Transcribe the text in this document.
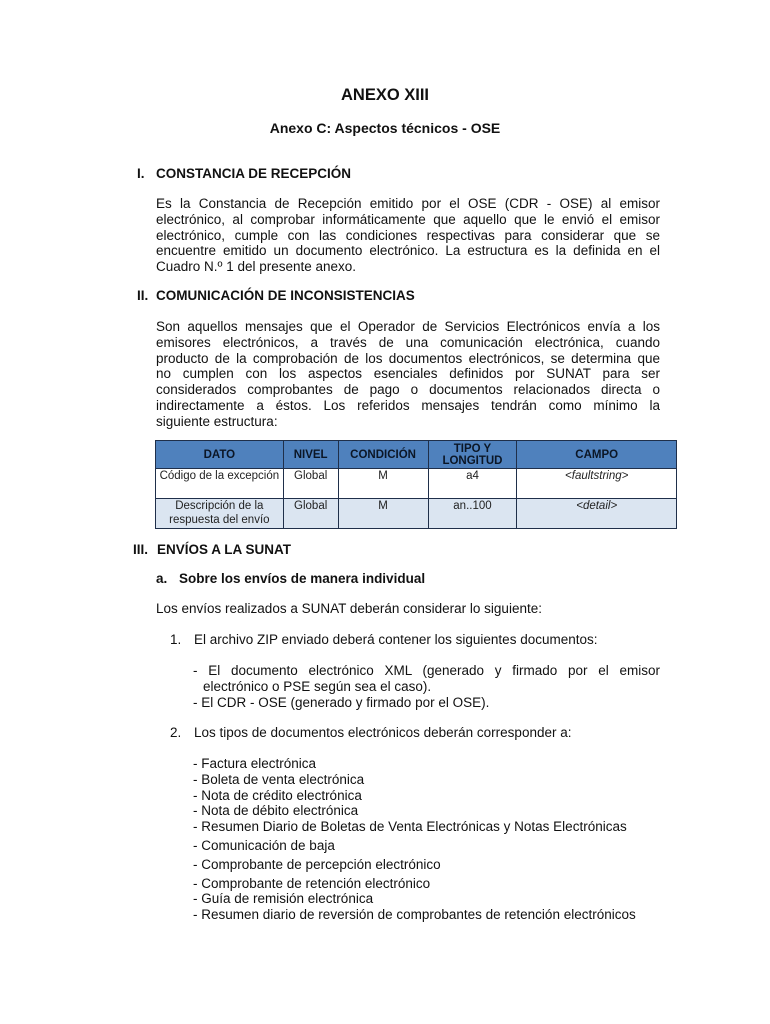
ANEXO XIII
Anexo C: Aspectos técnicos - OSE
I. CONSTANCIA DE RECEPCIÓN
Es la Constancia de Recepción emitido por el OSE (CDR - OSE) al emisor
electrónico, al comprobar informáticamente que aquello que le envió el emisor
electrónico, cumple con las condiciones respectivas para considerar que se
encuentre emitido un documento electrónico. La estructura es la definida en el
Cuadro N.º 1 del presente anexo.
II. COMUNICACIÓN DE INCONSISTENCIAS
Son aquellos mensajes que el Operador de Servicios Electrónicos envía a los
emisores electrónicos, a través de una comunicación electrónica, cuando
producto de la comprobación de los documentos electrónicos, se determina que
no cumplen con los aspectos esenciales definidos por SUNAT para ser
considerados comprobantes de pago o documentos relacionados directa o
indirectamente a éstos. Los referidos mensajes tendrán como mínimo la
siguiente estructura:
DATO	NIVEL	CONDICIÓN	TIPO Y LONGITUD	CAMPO
Código de la excepción	Global	M	a4	<faultstring>
Descripción de la respuesta del envío	Global	M	an..100	<detail>
III. ENVÍOS A LA SUNAT
a. Sobre los envíos de manera individual
Los envíos realizados a SUNAT deberán considerar lo siguiente:
1. El archivo ZIP enviado deberá contener los siguientes documentos:
- El documento electrónico XML (generado y firmado por el emisor
electrónico o PSE según sea el caso).
- El CDR - OSE (generado y firmado por el OSE).
2. Los tipos de documentos electrónicos deberán corresponder a:
- Factura electrónica
- Boleta de venta electrónica
- Nota de crédito electrónica
- Nota de débito electrónica
- Resumen Diario de Boletas de Venta Electrónicas y Notas Electrónicas
- Comunicación de baja
- Comprobante de percepción electrónico
- Comprobante de retención electrónico
- Guía de remisión electrónica
- Resumen diario de reversión de comprobantes de retención electrónicos
